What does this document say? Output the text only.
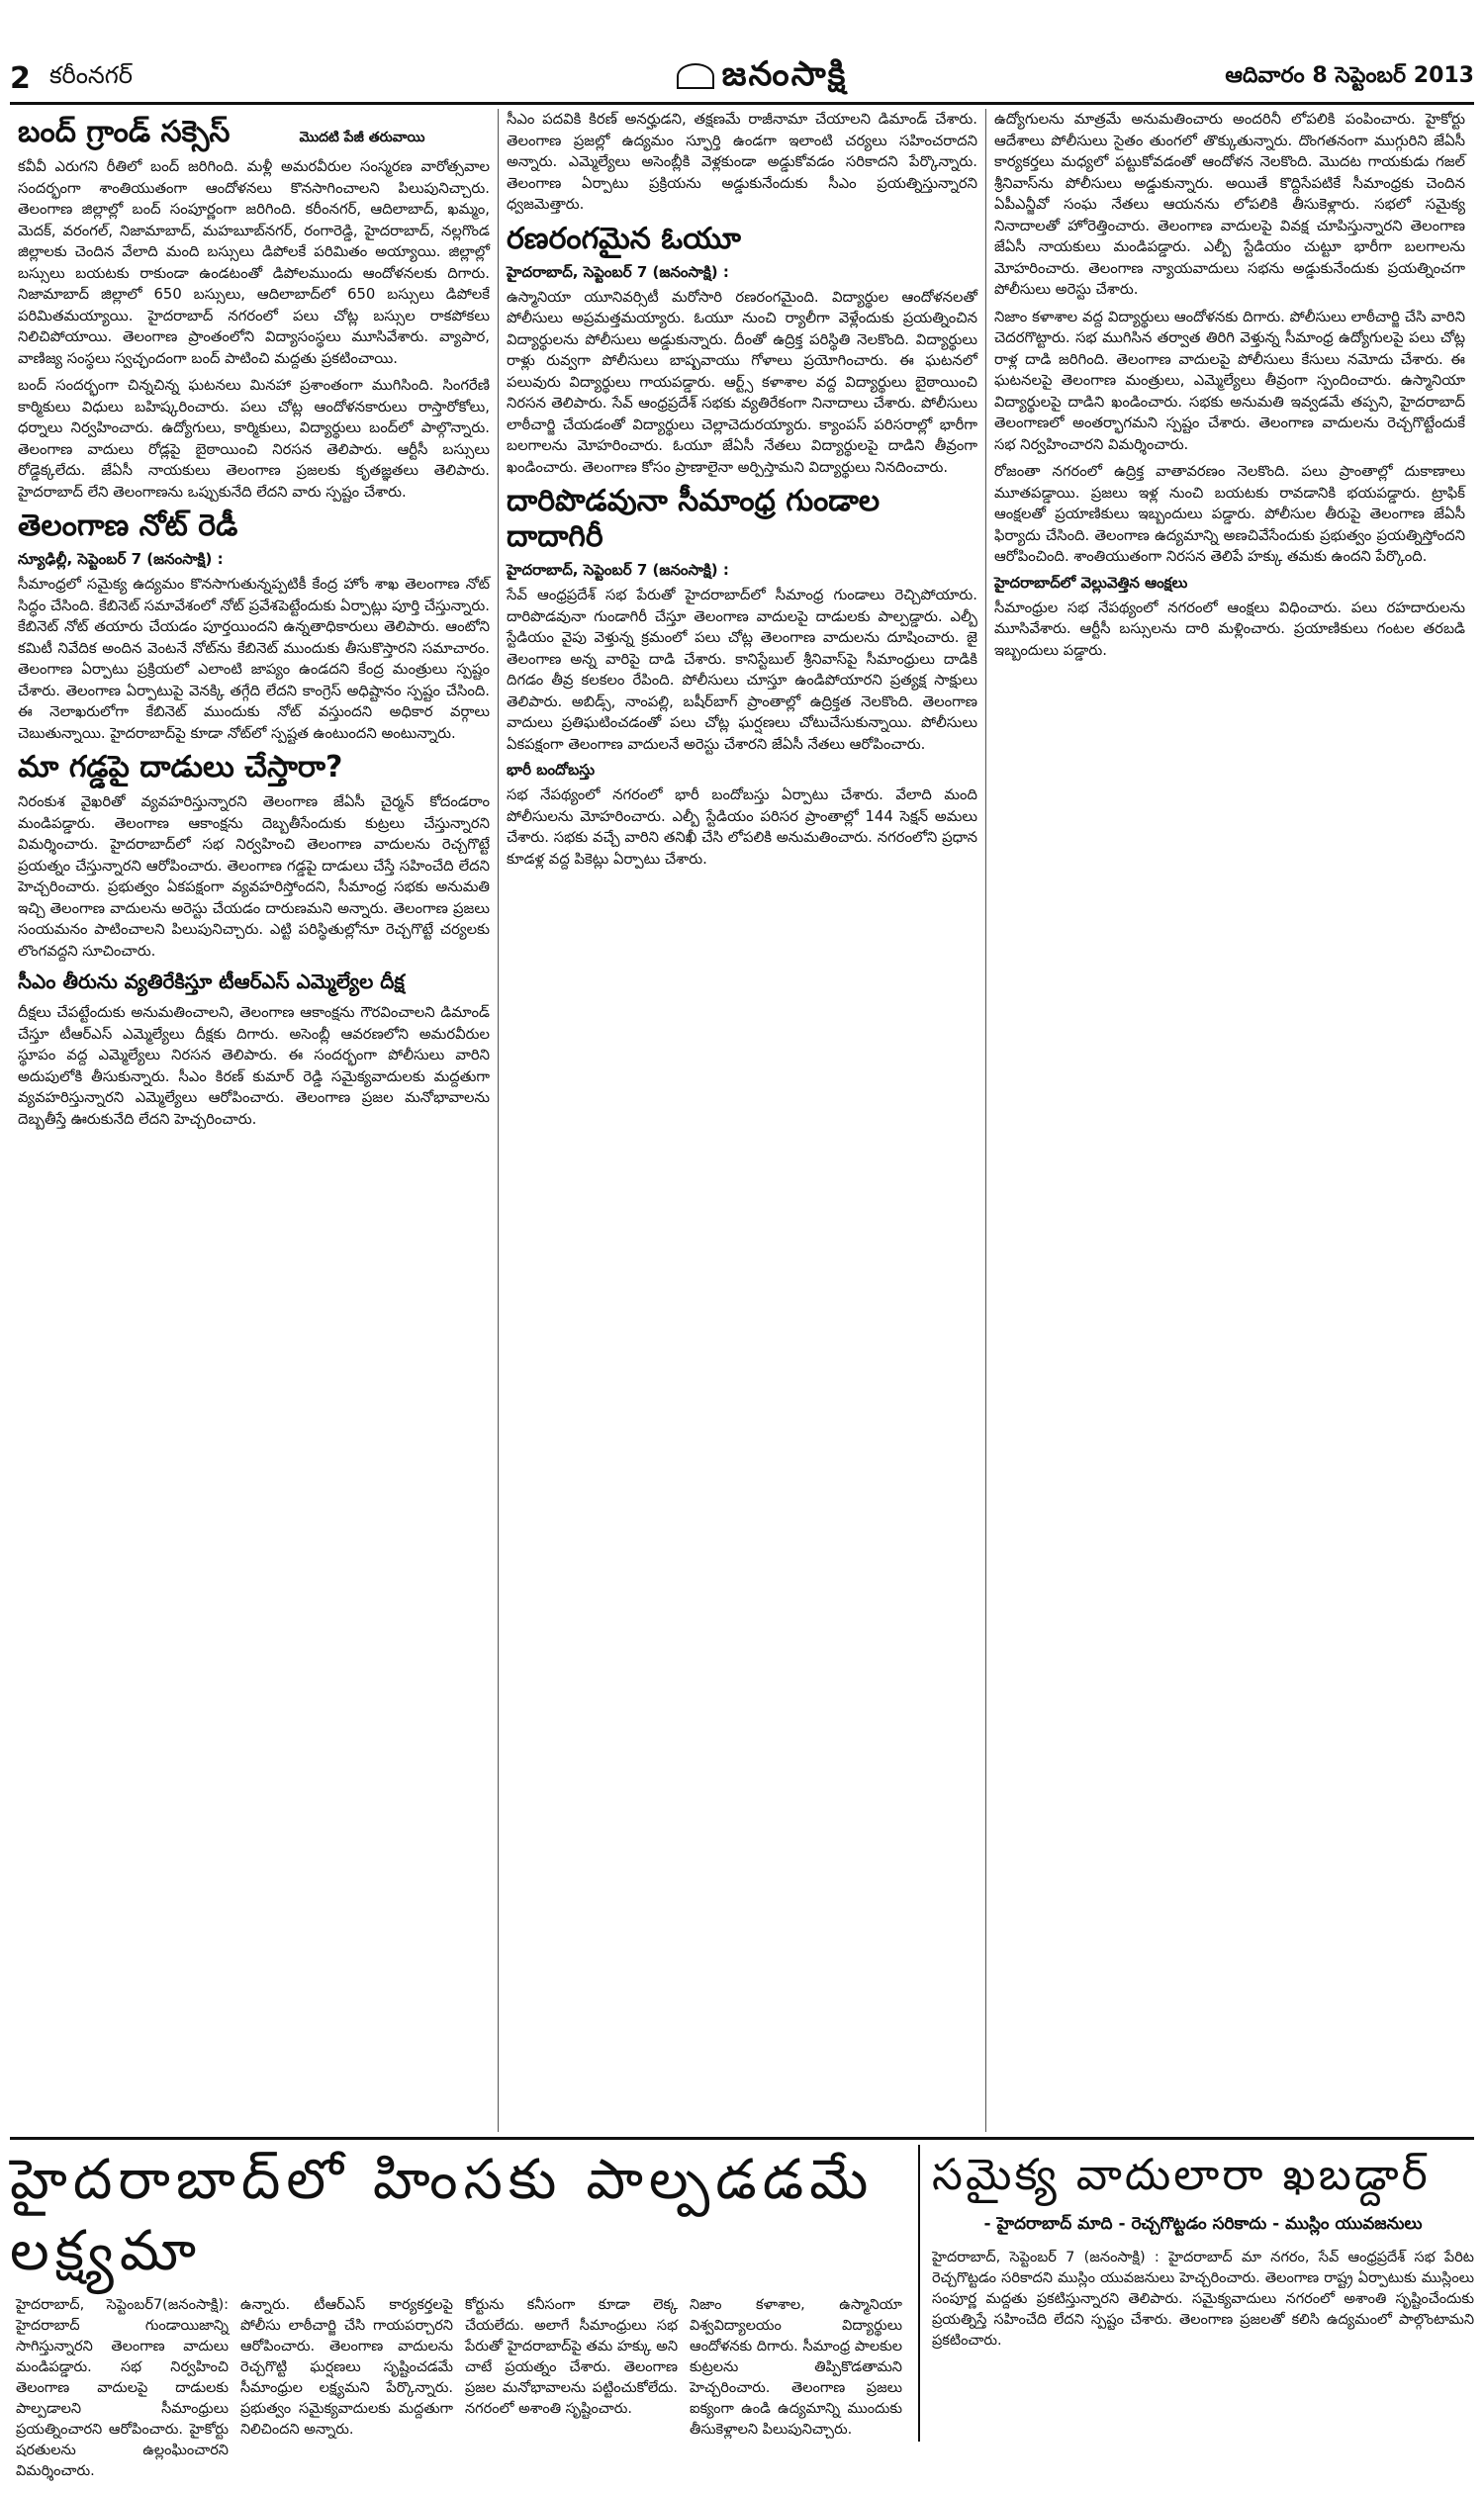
2 కరీంనగర్	జనంసాక్షి	ఆదివారం 8 సెప్టెంబర్ 2013
బంద్ గ్రాండ్ సక్సెస్	మొదటి పేజీ తరువాయి

కవీవీ ఎరుగని రీతిలో బంద్ జరిగింది. మళ్లీ అమరవీరుల సంస్మరణ వారోత్సవాల సందర్భంగా శాంతియుతంగా ఆందోళనలు కొనసాగించాలని పిలుపునిచ్చారు. తెలంగాణ జిల్లాల్లో బంద్ సంపూర్ణంగా జరిగింది. కరీంనగర్, ఆదిలాబాద్, ఖమ్మం, మెదక్, వరంగల్, నిజామాబాద్, మహబూబ్‌నగర్, రంగారెడ్డి, హైదరాబాద్, నల్లగొండ జిల్లాలకు చెందిన వేలాది మంది బస్సులు డిపోలకే పరిమితం అయ్యాయి. జిల్లాల్లో బస్సులు బయటకు రాకుండా ఉండటంతో డిపోలముందు ఆందోళనలకు దిగారు. నిజామాబాద్ జిల్లాలో 650 బస్సులు, ఆదిలాబాద్‌లో 650 బస్సులు డిపోలకే పరిమితమయ్యాయి. హైదరాబాద్ నగరంలో పలు చోట్ల బస్సుల రాకపోకలు నిలిచిపోయాయి. తెలంగాణ ప్రాంతంలోని విద్యాసంస్థలు మూసివేశారు. వ్యాపార, వాణిజ్య సంస్థలు స్వచ్ఛందంగా బంద్ పాటించి మద్దతు ప్రకటించాయి.

బంద్ సందర్భంగా చిన్నచిన్న ఘటనలు మినహా ప్రశాంతంగా ముగిసింది. సింగరేణి కార్మికులు విధులు బహిష్కరించారు. పలు చోట్ల ఆందోళనకారులు రాస్తారోకోలు, ధర్నాలు నిర్వహించారు. ఉద్యోగులు, కార్మికులు, విద్యార్థులు బంద్‌లో పాల్గొన్నారు. తెలంగాణ వాదులు రోడ్లపై బైఠాయించి నిరసన తెలిపారు. ఆర్టీసీ బస్సులు రోడ్డెక్కలేదు. జేఏసీ నాయకులు తెలంగాణ ప్రజలకు కృతజ్ఞతలు తెలిపారు. హైదరాబాద్ లేని తెలంగాణను ఒప్పుకునేది లేదని వారు స్పష్టం చేశారు.

తెలంగాణ నోట్ రెడీ
న్యూఢిల్లీ, సెప్టెంబర్ 7 (జనంసాక్షి) :

సీమాంధ్రలో సమైక్య ఉద్యమం కొనసాగుతున్నప్పటికీ కేంద్ర హోం శాఖ తెలంగాణ నోట్ సిద్ధం చేసింది. కేబినెట్ సమావేశంలో నోట్ ప్రవేశపెట్టేందుకు ఏర్పాట్లు పూర్తి చేస్తున్నారు. కేబినెట్ నోట్ తయారు చేయడం పూర్తయిందని ఉన్నతాధికారులు తెలిపారు. ఆంటోని కమిటీ నివేదిక అందిన వెంటనే నోట్‌ను కేబినెట్ ముందుకు తీసుకొస్తారని సమాచారం. తెలంగాణ ఏర్పాటు ప్రక్రియలో ఎలాంటి జాప్యం ఉండదని కేంద్ర మంత్రులు స్పష్టం చేశారు. తెలంగాణ ఏర్పాటుపై వెనక్కి తగ్గేది లేదని కాంగ్రెస్ అధిష్టానం స్పష్టం చేసింది. ఈ నెలాఖరులోగా కేబినెట్ ముందుకు నోట్ వస్తుందని అధికార వర్గాలు చెబుతున్నాయి. హైదరాబాద్‌పై కూడా నోట్‌లో స్పష్టత ఉంటుందని అంటున్నారు.

మా గడ్డపై దాడులు చేస్తారా?

నిరంకుశ వైఖరితో వ్యవహరిస్తున్నారని తెలంగాణ జేఏసీ చైర్మన్ కోదండరాం మండిపడ్డారు. తెలంగాణ ఆకాంక్షను దెబ్బతీసేందుకు కుట్రలు చేస్తున్నారని విమర్శించారు. హైదరాబాద్‌లో సభ నిర్వహించి తెలంగాణ వాదులను రెచ్చగొట్టే ప్రయత్నం చేస్తున్నారని ఆరోపించారు. తెలంగాణ గడ్డపై దాడులు చేస్తే సహించేది లేదని హెచ్చరించారు. ప్రభుత్వం ఏకపక్షంగా వ్యవహరిస్తోందని, సీమాంధ్ర సభకు అనుమతి ఇచ్చి తెలంగాణ వాదులను అరెస్టు చేయడం దారుణమని అన్నారు. తెలంగాణ ప్రజలు సంయమనం పాటించాలని పిలుపునిచ్చారు. ఎట్టి పరిస్థితుల్లోనూ రెచ్చగొట్టే చర్యలకు లొంగవద్దని సూచించారు.

సీఎం తీరును వ్యతిరేకిస్తూ టీఆర్ఎస్ ఎమ్మెల్యేల దీక్ష

దీక్షలు చేపట్టేందుకు అనుమతించాలని, తెలంగాణ ఆకాంక్షను గౌరవించాలని డిమాండ్ చేస్తూ టీఆర్ఎస్ ఎమ్మెల్యేలు దీక్షకు దిగారు. అసెంబ్లీ ఆవరణలోని అమరవీరుల స్థూపం వద్ద ఎమ్మెల్యేలు నిరసన తెలిపారు. ఈ సందర్భంగా పోలీసులు వారిని అదుపులోకి తీసుకున్నారు. సీఎం కిరణ్ కుమార్ రెడ్డి సమైక్యవాదులకు మద్దతుగా వ్యవహరిస్తున్నారని ఎమ్మెల్యేలు ఆరోపించారు. తెలంగాణ ప్రజల మనోభావాలను దెబ్బతీస్తే ఊరుకునేది లేదని హెచ్చరించారు.

సీఎం పదవికి కిరణ్ అనర్హుడని, తక్షణమే రాజీనామా చేయాలని డిమాండ్ చేశారు. తెలంగాణ ప్రజల్లో ఉద్యమం స్ఫూర్తి ఉండగా ఇలాంటి చర్యలు సహించరాదని అన్నారు. ఎమ్మెల్యేలు అసెంబ్లీకి వెళ్లకుండా అడ్డుకోవడం సరికాదని పేర్కొన్నారు. తెలంగాణ ఏర్పాటు ప్రక్రియను అడ్డుకునేందుకు సీఎం ప్రయత్నిస్తున్నారని ధ్వజమెత్తారు.

రణరంగమైన ఓయూ
హైదరాబాద్, సెప్టెంబర్ 7 (జనంసాక్షి) :

ఉస్మానియా యూనివర్సిటీ మరోసారి రణరంగమైంది. విద్యార్థుల ఆందోళనలతో పోలీసులు అప్రమత్తమయ్యారు. ఓయూ నుంచి ర్యాలీగా వెళ్లేందుకు ప్రయత్నించిన విద్యార్థులను పోలీసులు అడ్డుకున్నారు. దీంతో ఉద్రిక్త పరిస్థితి నెలకొంది. విద్యార్థులు రాళ్లు రువ్వగా పోలీసులు బాష్పవాయు గోళాలు ప్రయోగించారు. ఈ ఘటనలో పలువురు విద్యార్థులు గాయపడ్డారు. ఆర్ట్స్ కళాశాల వద్ద విద్యార్థులు బైఠాయించి నిరసన తెలిపారు. సేవ్ ఆంధ్రప్రదేశ్ సభకు వ్యతిరేకంగా నినాదాలు చేశారు. పోలీసులు లాఠీచార్జి చేయడంతో విద్యార్థులు చెల్లాచెదురయ్యారు. క్యాంపస్ పరిసరాల్లో భారీగా బలగాలను మోహరించారు. ఓయూ జేఏసీ నేతలు విద్యార్థులపై దాడిని తీవ్రంగా ఖండించారు. తెలంగాణ కోసం ప్రాణాలైనా అర్పిస్తామని విద్యార్థులు నినదించారు.

దారిపొడవునా సీమాంధ్ర గుండాల దాదాగిరీ
హైదరాబాద్, సెప్టెంబర్ 7 (జనంసాక్షి) :

సేవ్ ఆంధ్రప్రదేశ్ సభ పేరుతో హైదరాబాద్‌లో సీమాంధ్ర గుండాలు రెచ్చిపోయారు. దారిపొడవునా గుండాగిరీ చేస్తూ తెలంగాణ వాదులపై దాడులకు పాల్పడ్డారు. ఎల్బీ స్టేడియం వైపు వెళ్తున్న క్రమంలో పలు చోట్ల తెలంగాణ వాదులను దూషించారు. జై తెలంగాణ అన్న వారిపై దాడి చేశారు. కానిస్టేబుల్ శ్రీనివాస్‌పై సీమాంధ్రులు దాడికి దిగడం తీవ్ర కలకలం రేపింది. పోలీసులు చూస్తూ ఉండిపోయారని ప్రత్యక్ష సాక్షులు తెలిపారు. అబిడ్స్, నాంపల్లి, బషీర్‌బాగ్ ప్రాంతాల్లో ఉద్రిక్తత నెలకొంది. తెలంగాణ వాదులు ప్రతిఘటించడంతో పలు చోట్ల ఘర్షణలు చోటుచేసుకున్నాయి. పోలీసులు ఏకపక్షంగా తెలంగాణ వాదులనే అరెస్టు చేశారని జేఏసీ నేతలు ఆరోపించారు.

భారీ బందోబస్తు

సభ నేపథ్యంలో నగరంలో భారీ బందోబస్తు ఏర్పాటు చేశారు. వేలాది మంది పోలీసులను మోహరించారు. ఎల్బీ స్టేడియం పరిసర ప్రాంతాల్లో 144 సెక్షన్ అమలు చేశారు. సభకు వచ్చే వారిని తనిఖీ చేసి లోపలికి అనుమతించారు. నగరంలోని ప్రధాన కూడళ్ల వద్ద పికెట్లు ఏర్పాటు చేశారు.

ఉద్యోగులను మాత్రమే అనుమతించారు అందరినీ లోపలికి పంపించారు. హైకోర్టు ఆదేశాలు పోలీసులు సైతం తుంగలో తొక్కుతున్నారు. దొంగతనంగా ముగ్గురిని జేఏసీ కార్యకర్తలు మధ్యలో పట్టుకోవడంతో ఆందోళన నెలకొంది. మొదట గాయకుడు గజల్ శ్రీనివాస్‌ను పోలీసులు అడ్డుకున్నారు. అయితే కొద్దిసేపటికే సీమాంధ్రకు చెందిన ఏపీఎన్జీవో సంఘ నేతలు ఆయనను లోపలికి తీసుకెళ్లారు. సభలో సమైక్య నినాదాలతో హోరెత్తించారు. తెలంగాణ వాదులపై వివక్ష చూపిస్తున్నారని తెలంగాణ జేఏసీ నాయకులు మండిపడ్డారు. ఎల్బీ స్టేడియం చుట్టూ భారీగా బలగాలను మోహరించారు. తెలంగాణ న్యాయవాదులు సభను అడ్డుకునేందుకు ప్రయత్నించగా పోలీసులు అరెస్టు చేశారు.

నిజాం కళాశాల వద్ద విద్యార్థులు ఆందోళనకు దిగారు. పోలీసులు లాఠీచార్జి చేసి వారిని చెదరగొట్టారు. సభ ముగిసిన తర్వాత తిరిగి వెళ్తున్న సీమాంధ్ర ఉద్యోగులపై పలు చోట్ల రాళ్ల దాడి జరిగింది. తెలంగాణ వాదులపై పోలీసులు కేసులు నమోదు చేశారు. ఈ ఘటనలపై తెలంగాణ మంత్రులు, ఎమ్మెల్యేలు తీవ్రంగా స్పందించారు. ఉస్మానియా విద్యార్థులపై దాడిని ఖండించారు. సభకు అనుమతి ఇవ్వడమే తప్పని, హైదరాబాద్ తెలంగాణలో అంతర్భాగమని స్పష్టం చేశారు. తెలంగాణ వాదులను రెచ్చగొట్టేందుకే సభ నిర్వహించారని విమర్శించారు.

రోజంతా నగరంలో ఉద్రిక్త వాతావరణం నెలకొంది. పలు ప్రాంతాల్లో దుకాణాలు మూతపడ్డాయి. ప్రజలు ఇళ్ల నుంచి బయటకు రావడానికి భయపడ్డారు. ట్రాఫిక్ ఆంక్షలతో ప్రయాణికులు ఇబ్బందులు పడ్డారు. పోలీసుల తీరుపై తెలంగాణ జేఏసీ ఫిర్యాదు చేసింది. తెలంగాణ ఉద్యమాన్ని అణచివేసేందుకు ప్రభుత్వం ప్రయత్నిస్తోందని ఆరోపించింది. శాంతియుతంగా నిరసన తెలిపే హక్కు తమకు ఉందని పేర్కొంది.

హైదరాబాద్‌లో వెల్లువెత్తిన ఆంక్షలు

సీమాంధ్రుల సభ నేపథ్యంలో నగరంలో ఆంక్షలు విధించారు. పలు రహదారులను మూసివేశారు. ఆర్టీసీ బస్సులను దారి మళ్లించారు. ప్రయాణికులు గంటల తరబడి ఇబ్బందులు పడ్డారు.

హైదరాబాద్‌లో హింసకు పాల్పడడమే లక్ష్యమా
హైదరాబాద్, సెప్టెంబర్7(జనంసాక్షి): హైదరాబాద్ గుండాయిజాన్ని సాగిస్తున్నారని తెలంగాణ వాదులు మండిపడ్డారు. సభ నిర్వహించి తెలంగాణ వాదులపై దాడులకు పాల్పడాలని సీమాంధ్రులు ప్రయత్నించారని ఆరోపించారు. హైకోర్టు షరతులను ఉల్లంఘించారని విమర్శించారు.
ఉన్నారు. టీఆర్ఎస్ కార్యకర్తలపై పోలీసు లాఠీచార్జి చేసి గాయపర్చారని ఆరోపించారు. తెలంగాణ వాదులను రెచ్చగొట్టి ఘర్షణలు సృష్టించడమే సీమాంధ్రుల లక్ష్యమని పేర్కొన్నారు. ప్రభుత్వం సమైక్యవాదులకు మద్దతుగా నిలిచిందని అన్నారు.
కోర్టును కనీసంగా కూడా లెక్క చేయలేదు. అలాగే సీమాంధ్రులు సభ పేరుతో హైదరాబాద్‌పై తమ హక్కు అని చాటే ప్రయత్నం చేశారు. తెలంగాణ ప్రజల మనోభావాలను పట్టించుకోలేదు. నగరంలో అశాంతి సృష్టించారు.
నిజాం కళాశాల, ఉస్మానియా విశ్వవిద్యాలయం విద్యార్థులు ఆందోళనకు దిగారు. సీమాంధ్ర పాలకుల కుట్రలను తిప్పికొడతామని హెచ్చరించారు. తెలంగాణ ప్రజలు ఐక్యంగా ఉండి ఉద్యమాన్ని ముందుకు తీసుకెళ్లాలని పిలుపునిచ్చారు.
సమైక్య వాదులారా ఖబడ్దార్
- హైదరాబాద్ మాది - రెచ్చగొట్టడం సరికాదు - ముస్లిం యువజనులు
హైదరాబాద్, సెప్టెంబర్ 7 (జనంసాక్షి) : హైదరాబాద్ మా నగరం, సేవ్ ఆంధ్రప్రదేశ్ సభ పేరిట రెచ్చగొట్టడం సరికాదని ముస్లిం యువజనులు హెచ్చరించారు. తెలంగాణ రాష్ట్ర ఏర్పాటుకు ముస్లింలు సంపూర్ణ మద్దతు ప్రకటిస్తున్నారని తెలిపారు. సమైక్యవాదులు నగరంలో అశాంతి సృష్టించేందుకు ప్రయత్నిస్తే సహించేది లేదని స్పష్టం చేశారు. తెలంగాణ ప్రజలతో కలిసి ఉద్యమంలో పాల్గొంటామని ప్రకటించారు.
